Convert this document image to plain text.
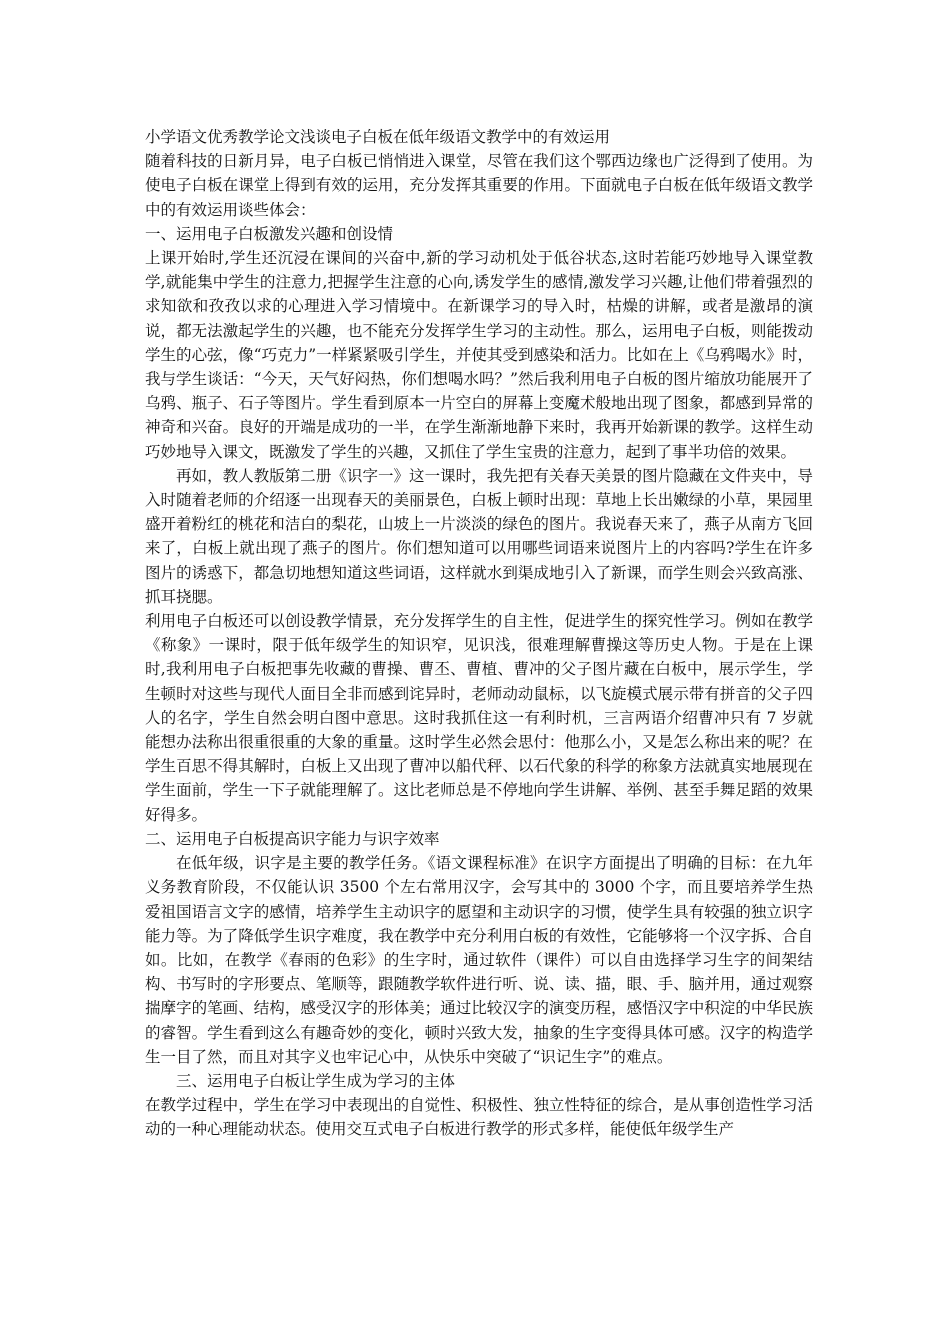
小学语文优秀教学论文浅谈电子白板在低年级语文教学中的有效运用

随着科技的日新月异，电子白板已悄悄进入课堂，尽管在我们这个鄂西边缘也广泛得到了使用。为使电子白板在课堂上得到有效的运用，充分发挥其重要的作用。下面就电子白板在低年级语文教学中的有效运用谈些体会：

一、运用电子白板激发兴趣和创设情

上课开始时,学生还沉浸在课间的兴奋中,新的学习动机处于低谷状态,这时若能巧妙地导入课堂教学,就能集中学生的注意力,把握学生注意的心向,诱发学生的感情,激发学习兴趣,让他们带着强烈的求知欲和孜孜以求的心理进入学习情境中。在新课学习的导入时，枯燥的讲解，或者是激昂的演说，都无法激起学生的兴趣，也不能充分发挥学生学习的主动性。那么，运用电子白板，则能拨动学生的心弦，像“巧克力”一样紧紧吸引学生，并使其受到感染和活力。比如在上《乌鸦喝水》时，我与学生谈话：“今天，天气好闷热，你们想喝水吗？”然后我利用电子白板的图片缩放功能展开了乌鸦、瓶子、石子等图片。学生看到原本一片空白的屏幕上变魔术般地出现了图象，都感到异常的神奇和兴奋。良好的开端是成功的一半，在学生渐渐地静下来时，我再开始新课的教学。这样生动巧妙地导入课文，既激发了学生的兴趣，又抓住了学生宝贵的注意力，起到了事半功倍的效果。

再如，教人教版第二册《识字一》这一课时，我先把有关春天美景的图片隐藏在文件夹中，导入时随着老师的介绍逐一出现春天的美丽景色，白板上顿时出现：草地上长出嫩绿的小草，果园里盛开着粉红的桃花和洁白的梨花，山坡上一片淡淡的绿色的图片。我说春天来了，燕子从南方飞回来了，白板上就出现了燕子的图片。你们想知道可以用哪些词语来说图片上的内容吗?学生在许多图片的诱惑下，都急切地想知道这些词语，这样就水到渠成地引入了新课，而学生则会兴致高涨、抓耳挠腮。

利用电子白板还可以创设教学情景，充分发挥学生的自主性，促进学生的探究性学习。例如在教学《称象》一课时，限于低年级学生的知识窄，见识浅，很难理解曹操这等历史人物。于是在上课时,我利用电子白板把事先收藏的曹操、曹丕、曹植、曹冲的父子图片藏在白板中，展示学生，学生顿时对这些与现代人面目全非而感到诧异时，老师动动鼠标，以飞旋模式展示带有拼音的父子四人的名字，学生自然会明白图中意思。这时我抓住这一有利时机，三言两语介绍曹冲只有 7 岁就能想办法称出很重很重的大象的重量。这时学生必然会思付：他那么小，又是怎么称出来的呢？在学生百思不得其解时，白板上又出现了曹冲以船代秤、以石代象的科学的称象方法就真实地展现在学生面前，学生一下子就能理解了。这比老师总是不停地向学生讲解、举例、甚至手舞足蹈的效果好得多。

二、运用电子白板提高识字能力与识字效率

在低年级，识字是主要的教学任务。《语文课程标准》在识字方面提出了明确的目标：在九年义务教育阶段，不仅能认识 3500 个左右常用汉字，会写其中的 3000 个字，而且要培养学生热爱祖国语言文字的感情，培养学生主动识字的愿望和主动识字的习惯，使学生具有较强的独立识字能力等。为了降低学生识字难度，我在教学中充分利用白板的有效性，它能够将一个汉字拆、合自如。比如，在教学《春雨的色彩》的生字时，通过软件（课件）可以自由选择学习生字的间架结构、书写时的字形要点、笔顺等，跟随教学软件进行听、说、读、描，眼、手、脑并用，通过观察揣摩字的笔画、结构，感受汉字的形体美；通过比较汉字的演变历程，感悟汉字中积淀的中华民族的睿智。学生看到这么有趣奇妙的变化，顿时兴致大发，抽象的生字变得具体可感。汉字的构造学生一目了然，而且对其字义也牢记心中，从快乐中突破了“识记生字”的难点。

三、运用电子白板让学生成为学习的主体

在教学过程中，学生在学习中表现出的自觉性、积极性、独立性特征的综合，是从事创造性学习活动的一种心理能动状态。使用交互式电子白板进行教学的形式多样，能使低年级学生产
